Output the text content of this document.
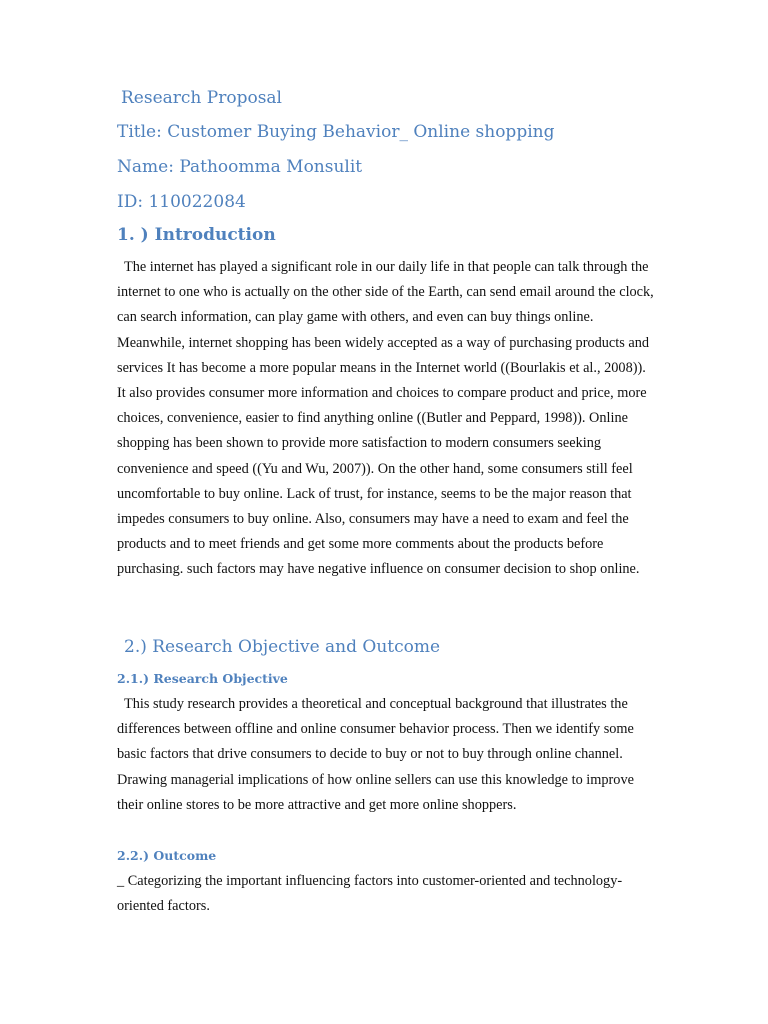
Research Proposal
Title: Customer Buying Behavior_ Online shopping
Name: Pathoomma Monsulit
ID: 110022084
1. ) Introduction

The internet has played a significant role in our daily life in that people can talk through the internet to one who is actually on the other side of the Earth, can send email around the clock, can search information, can play game with others, and even can buy things online. Meanwhile, internet shopping has been widely accepted as a way of purchasing products and services It has become a more popular means in the Internet world ((Bourlakis et al., 2008)). It also provides consumer more information and choices to compare product and price, more choices, convenience, easier to find anything online ((Butler and Peppard, 1998)). Online shopping has been shown to provide more satisfaction to modern consumers seeking convenience and speed ((Yu and Wu, 2007)). On the other hand, some consumers still feel uncomfortable to buy online. Lack of trust, for instance, seems to be the major reason that impedes consumers to buy online. Also, consumers may have a need to exam and feel the products and to meet friends and get some more comments about the products before purchasing. such factors may have negative influence on consumer decision to shop online.

2.) Research Objective and Outcome
2.1.) Research Objective

This study research provides a theoretical and conceptual background that illustrates the differences between offline and online consumer behavior process. Then we identify some basic factors that drive consumers to decide to buy or not to buy through online channel. Drawing managerial implications of how online sellers can use this knowledge to improve their online stores to be more attractive and get more online shoppers.

2.2.) Outcome

_ Categorizing the important influencing factors into customer-oriented and technology-oriented factors.
